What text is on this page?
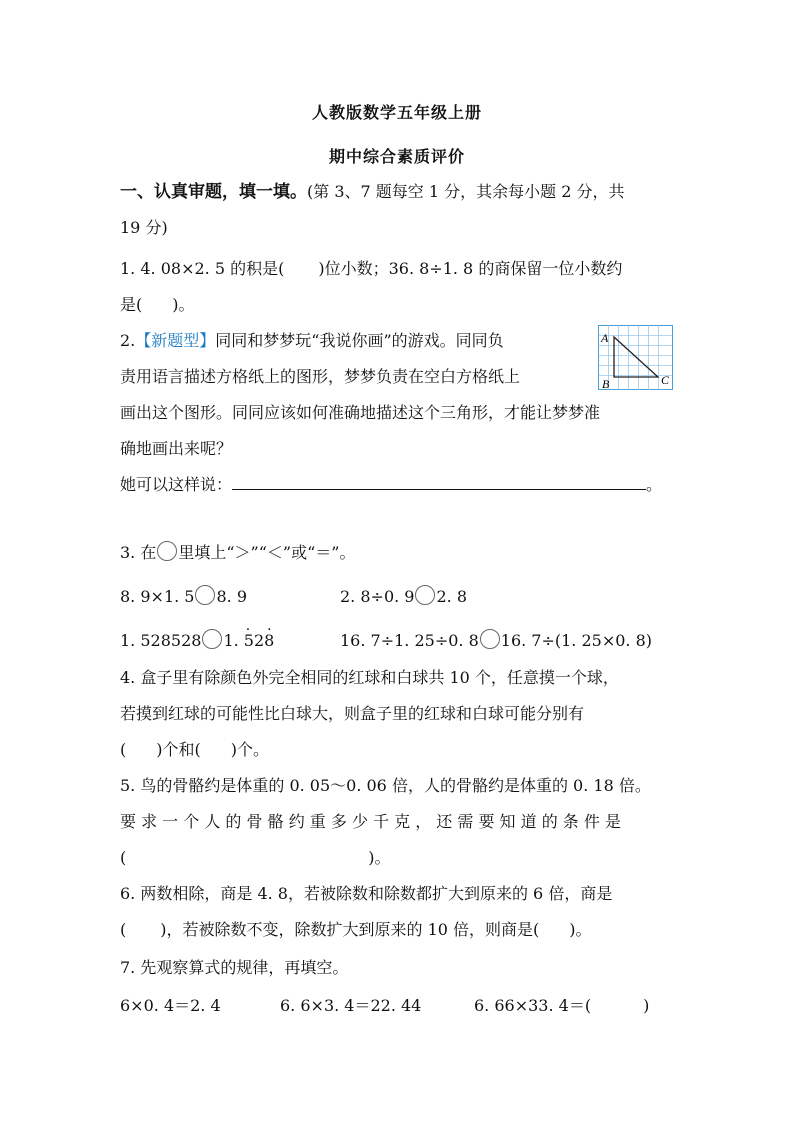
人教版数学五年级上册
期中综合素质评价
一、认真审题，填一填。(第 3、7 题每空 1 分，其余每小题 2 分，共
19 分)
1. 4. 08×2. 5 的积是( )位小数；36. 8÷1. 8 的商保留一位小数约
是( )。
2.【新题型】同同和梦梦玩“我说你画”的游戏。同同负
责用语言描述方格纸上的图形，梦梦负责在空白方格纸上
画出这个图形。同同应该如何准确地描述这个三角形，才能让梦梦准
确地画出来呢？
她可以这样说：	。
A
B	C
3. 在 里填上“＞”“＜”或“＝”。
8. 9×1. 5 8. 9	2. 8÷0. 9 2. 8
1. 528528 1. . 52. 8	16. 7÷1. 25÷0. 8 16. 7÷(1. 25×0. 8)
4. 盒子里有除颜色外完全相同的红球和白球共 10 个，任意摸一个球，
若摸到红球的可能性比白球大，则盒子里的红球和白球可能分别有
( )个和( )个。
5. 鸟的骨骼约是体重的 0. 05～0. 06 倍，人的骨骼约是体重的 0. 18 倍。
要 求 一 个 人 的 骨 骼 约 重 多 少 千 克 ， 还 需 要 知 道 的 条 件 是
(	)。
6. 两数相除，商是 4. 8，若被除数和除数都扩大到原来的 6 倍，商是
( )，若被除数不变，除数扩大到原来的 10 倍，则商是( )。
7. 先观察算式的规律，再填空。
6×0. 4＝2. 4	6. 6×3. 4＝22. 44	6. 66×33. 4＝(	)
